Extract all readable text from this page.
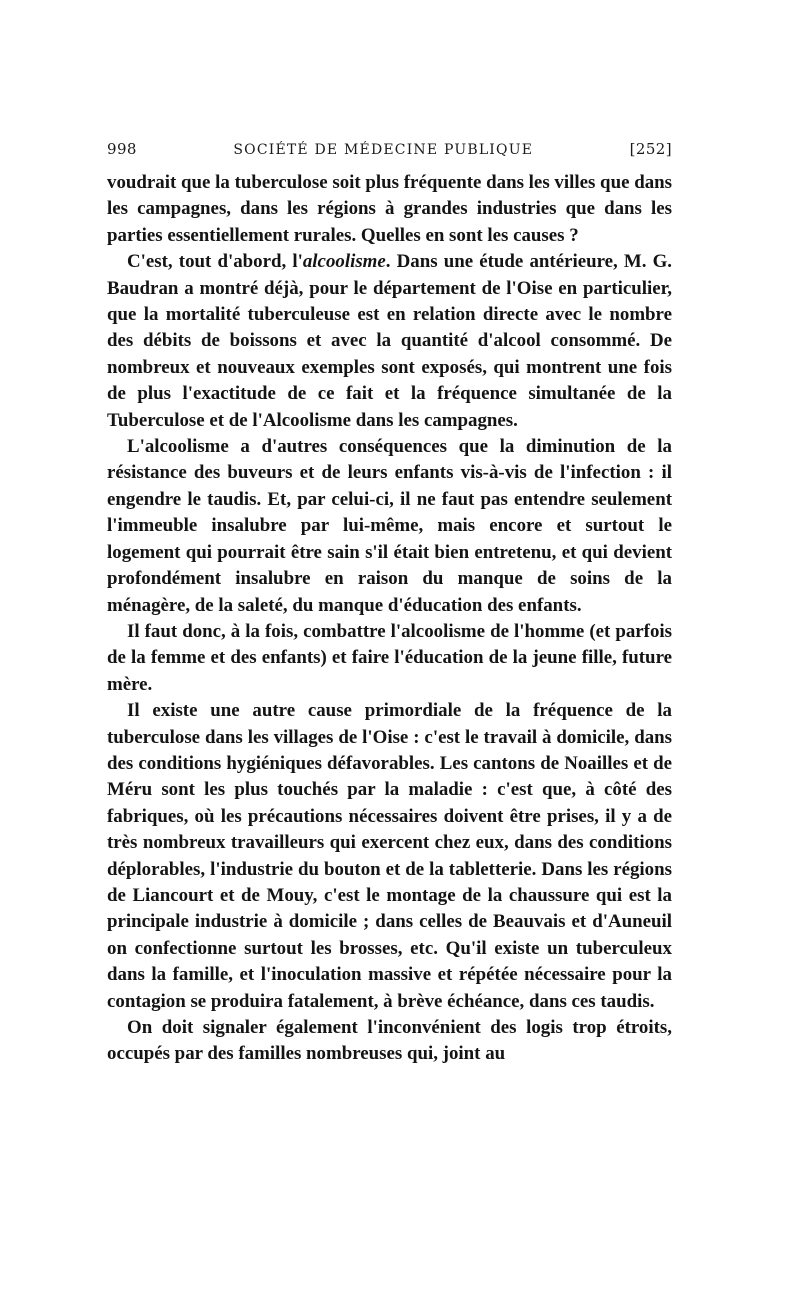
998	SOCIÉTÉ DE MÉDECINE PUBLIQUE	[252]

voudrait que la tuberculose soit plus fréquente dans les villes que dans les campagnes, dans les régions à grandes industries que dans les parties essentiellement rurales. Quelles en sont les causes ?

C'est, tout d'abord, l'alcoolisme. Dans une étude antérieure, M. G. Baudran a montré déjà, pour le département de l'Oise en particulier, que la mortalité tuberculeuse est en relation directe avec le nombre des débits de boissons et avec la quantité d'alcool consommé. De nombreux et nouveaux exemples sont exposés, qui montrent une fois de plus l'exactitude de ce fait et la fréquence simultanée de la Tuberculose et de l'Alcoolisme dans les campagnes.

L'alcoolisme a d'autres conséquences que la diminution de la résistance des buveurs et de leurs enfants vis-à-vis de l'infection : il engendre le taudis. Et, par celui-ci, il ne faut pas entendre seulement l'immeuble insalubre par lui-même, mais encore et surtout le logement qui pourrait être sain s'il était bien entretenu, et qui devient profondément insalubre en raison du manque de soins de la ménagère, de la saleté, du manque d'éducation des enfants.

Il faut donc, à la fois, combattre l'alcoolisme de l'homme (et parfois de la femme et des enfants) et faire l'éducation de la jeune fille, future mère.

Il existe une autre cause primordiale de la fréquence de la tuberculose dans les villages de l'Oise : c'est le travail à domicile, dans des conditions hygiéniques défavorables. Les cantons de Noailles et de Méru sont les plus touchés par la maladie : c'est que, à côté des fabriques, où les précautions nécessaires doivent être prises, il y a de très nombreux travailleurs qui exercent chez eux, dans des conditions déplorables, l'industrie du bouton et de la tabletterie. Dans les régions de Liancourt et de Mouy, c'est le montage de la chaussure qui est la principale industrie à domicile ; dans celles de Beauvais et d'Auneuil on confectionne surtout les brosses, etc. Qu'il existe un tuberculeux dans la famille, et l'inoculation massive et répétée nécessaire pour la contagion se produira fatalement, à brève échéance, dans ces taudis.

On doit signaler également l'inconvénient des logis trop étroits, occupés par des familles nombreuses qui, joint au
